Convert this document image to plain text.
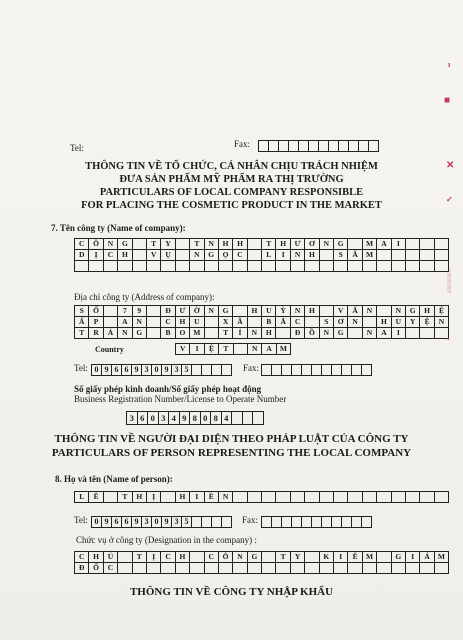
Tel:	Fax:
THÔNG TIN VỀ TỔ CHỨC, CÁ NHÂN CHỊU TRÁCH NHIỆM
ĐƯA SẢN PHẨM MỸ PHẨM RA THỊ TRƯỜNG
PARTICULARS OF LOCAL COMPANY RESPONSIBLE
FOR PLACING THE COSMETIC PRODUCT IN THE MARKET
7. Tên công ty (Name of company):
C	Ô	N	G	T	Y	T	N	H	H	T	H	Ư	Ơ	N	G	M	A	I
D	Ị	C	H	V	Ụ	N	G	Ọ	C	L	I	N	H	S	Â	M
Địa chỉ công ty (Address of company):
S	Ố	7	9	Đ	Ư	Ờ	N	G	H	U	Ỳ	N	H	V	Ă	N	N	G	H	Ệ
Ấ	P	A	N	C	H	U	X	Ã	B	Ắ	C	S	Ơ	N	H	U	Y	Ệ	N
T	R	Ả	N	G	B	O	M	T	Ỉ	N	H	Đ	Ồ	N	G	N	A	I
Country	V	I	Ệ	T	N	A	M
Tel: 0 9 6 6 9 3 0 9 3 5	Fax:
Số giấy phép kinh doanh/Số giấy phép hoạt động
Business Registration Number/License to Operate Number
3 6 0 3 4 9 8 0 8 4
THÔNG TIN VỀ NGƯỜI ĐẠI DIỆN THEO PHÁP LUẬT CỦA CÔNG TY
PARTICULARS OF PERSON REPRESENTING THE LOCAL COMPANY
8. Họ và tên (Name of person):
L	Ê	T	H	Ị	H	I	Ề	N
Tel: 0 9 6 6 9 3 0 9 3 5	Fax:
Chức vụ ở công ty (Designation in the company) :
C	H	Ủ	T	Ị	C	H	C	Ô	N	G	T	Y	K	I	Ê	M	G	I	Á	M
Đ	Ố	C
THÔNG TIN VỀ CÔNG TY NHẬP KHẨU
ı
■
✕
✓
░
░
░
░
▪
